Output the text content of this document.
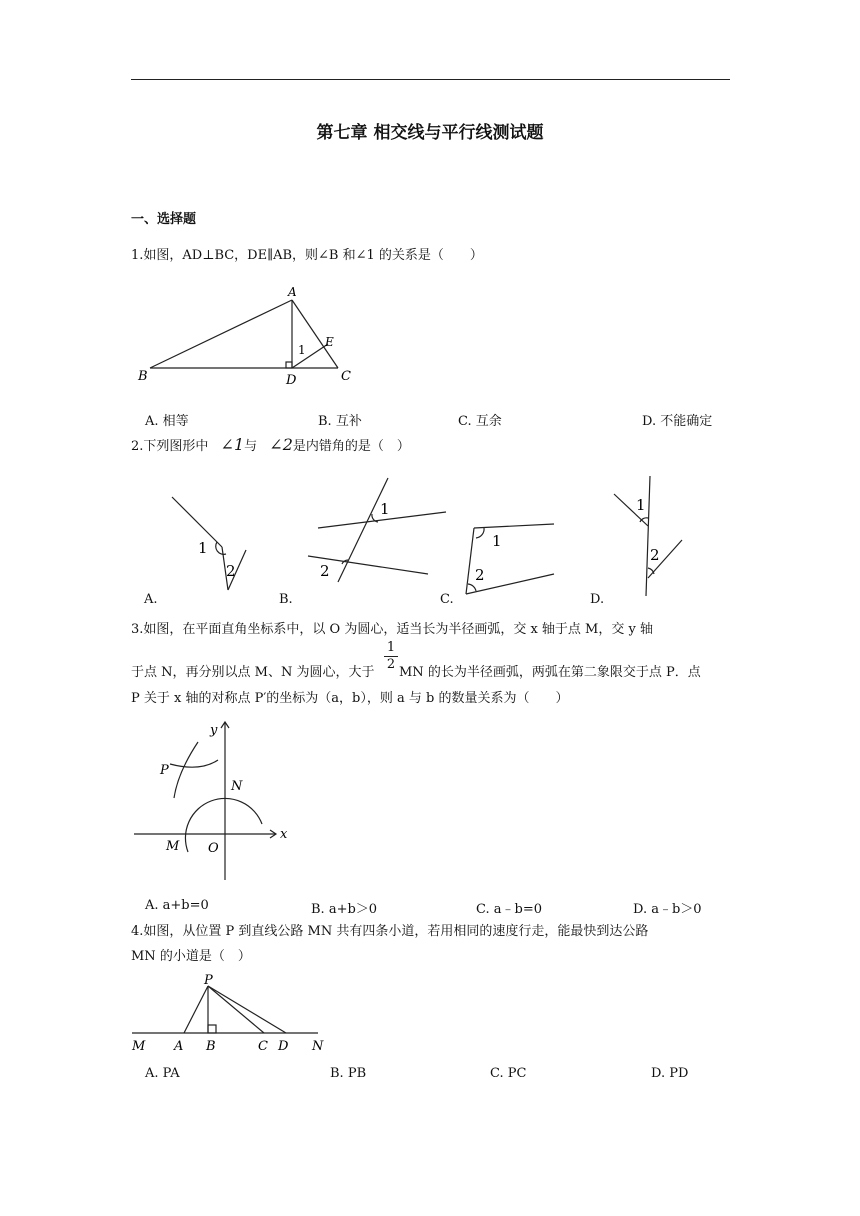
第七章 相交线与平行线测试题
一、选择题
1.如图，AD⊥BC，DE∥AB，则∠B 和∠1 的关系是（　　）
B
A
D	C
E
1
A. 相等	B. 互补	C. 互余	D. 不能确定
2.下列图形中 ∠1与 ∠2是内错角的是（　）
1
2
1
2
1
2
1
2
A.	B.	C.	D.
3.如图，在平面直角坐标系中，以 O 为圆心，适当长为半径画弧，交 x 轴于点 M，交 y 轴
于点 N，再分别以点 M、N 为圆心，大于 $\frac{1}{2}$ MN 的长为半径画弧，两弧在第二象限交于点 P．点
P 关于 x 轴的对称点 P′的坐标为（a，b），则 a 与 b 的数量关系为（　　）
y
x
P
N
M O
A. a+b=0	B. a+b＞0	C. a﹣b=0	D. a﹣b＞0
4.如图，从位置 P 到直线公路 MN 共有四条小道，若用相同的速度行走，能最快到达公路
MN 的小道是（　）
P
M A B	C D N
A. PA	B. PB	C. PC	D. PD
